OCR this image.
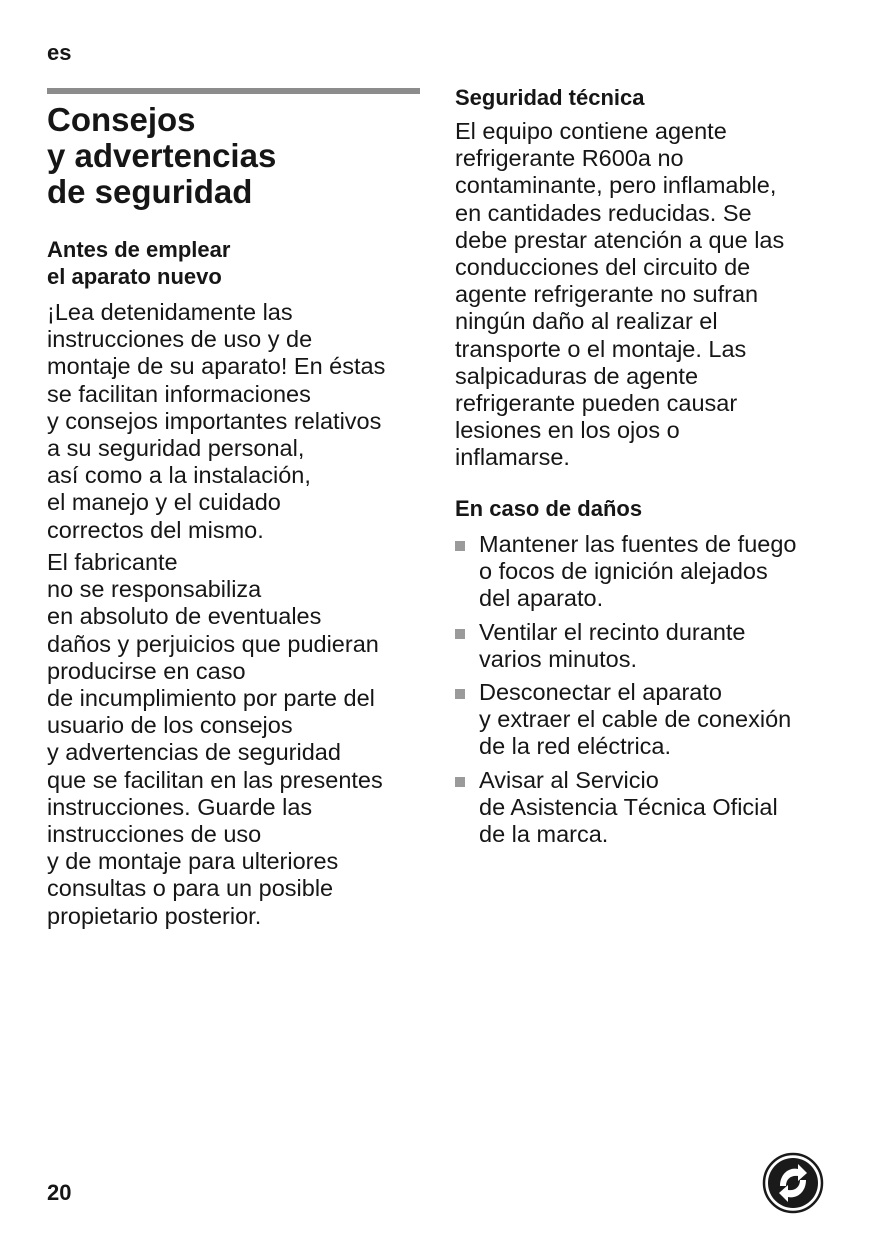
es
Consejos
y advertencias
de seguridad
Antes de emplear
el aparato nuevo

¡Lea detenidamente las
instrucciones de uso y de
montaje de su aparato! En éstas
se facilitan informaciones
y consejos importantes relativos
a su seguridad personal,
así como a la instalación,
el manejo y el cuidado
correctos del mismo.

El fabricante
no se responsabiliza
en absoluto de eventuales
daños y perjuicios que pudieran
producirse en caso
de incumplimiento por parte del
usuario de los consejos
y advertencias de seguridad
que se facilitan en las presentes
instrucciones. Guarde las
instrucciones de uso
y de montaje para ulteriores
consultas o para un posible
propietario posterior.

Seguridad técnica

El equipo contiene agente
refrigerante R600a no
contaminante, pero inflamable,
en cantidades reducidas. Se
debe prestar atención a que las
conducciones del circuito de
agente refrigerante no sufran
ningún daño al realizar el
transporte o el montaje. Las
salpicaduras de agente
refrigerante pueden causar
lesiones en los ojos o
inflamarse.

En caso de daños
Mantener las fuentes de fuego
o focos de ignición alejados
del aparato.
Ventilar el recinto durante
varios minutos.
Desconectar el aparato
y extraer el cable de conexión
de la red eléctrica.
Avisar al Servicio
de Asistencia Técnica Oficial
de la marca.
20
